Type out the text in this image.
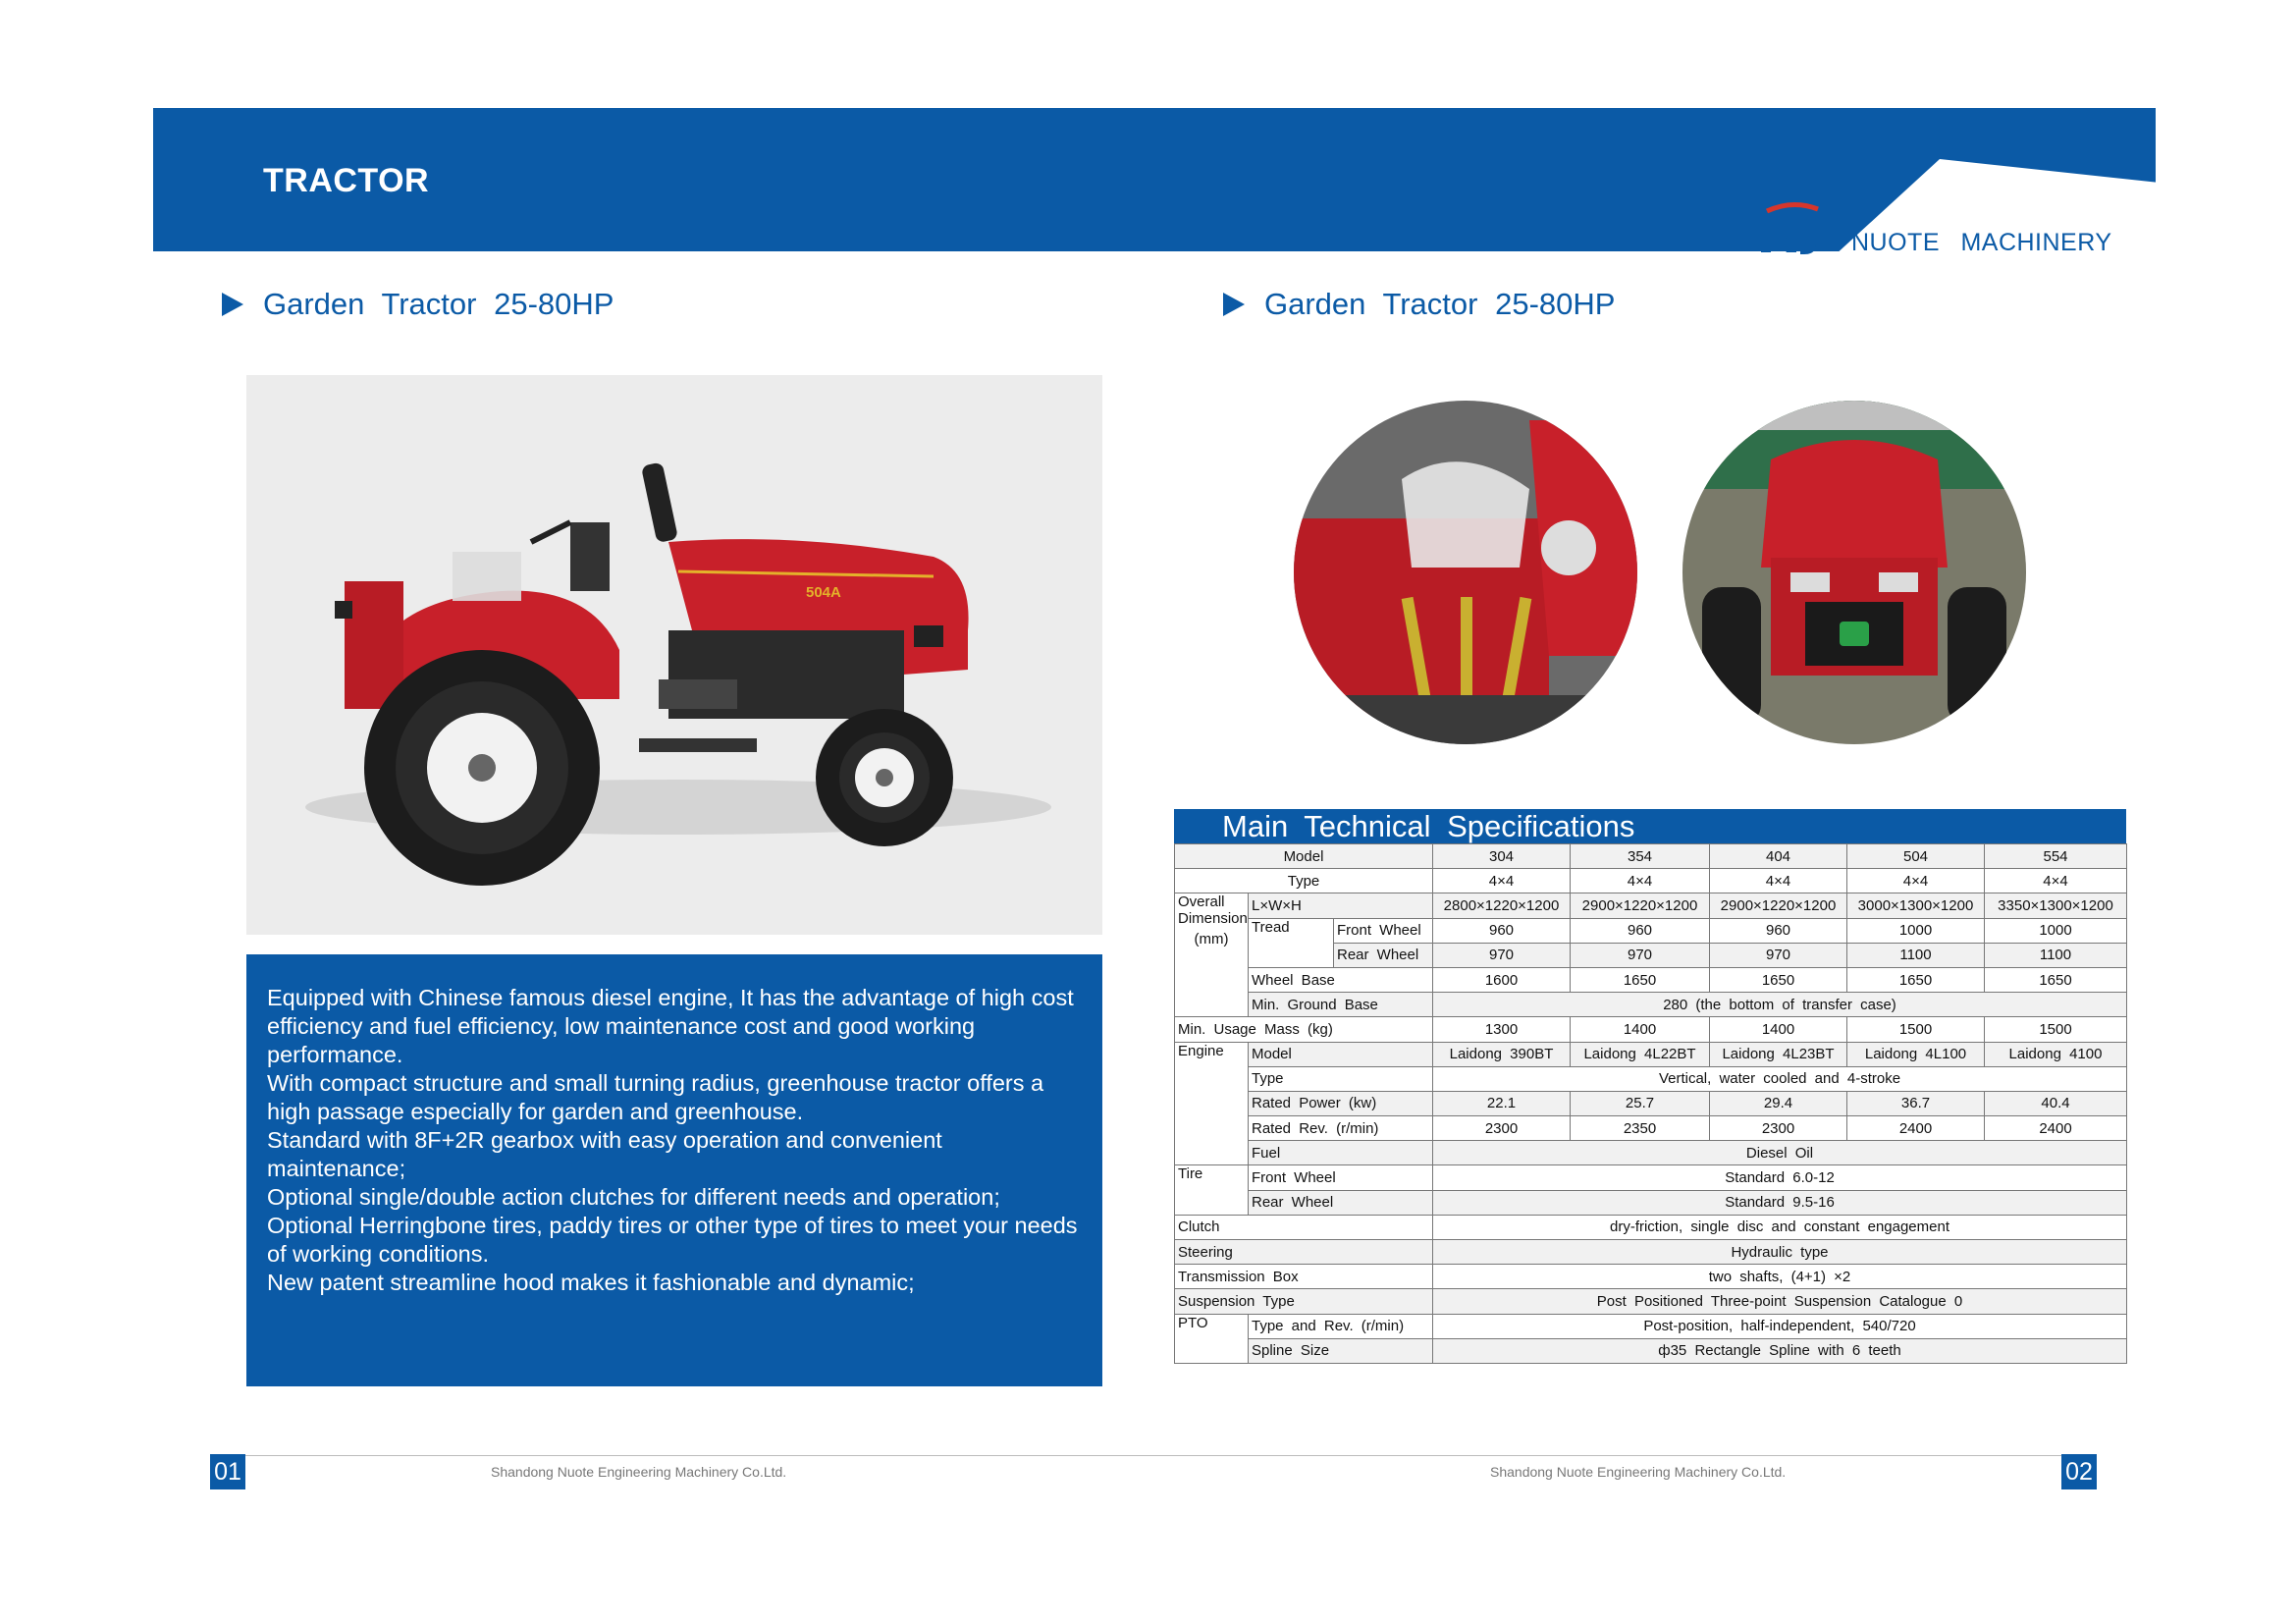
TRACTOR
NUOTE MACHINERY
Garden Tractor 25-80HP
504A
Equipped with Chinese famous diesel engine, It has the advantage of high cost efficiency and fuel efficiency, low maintenance cost and good working performance.
With compact structure and small turning radius, greenhouse tractor offers a high passage especially for garden and greenhouse.
Standard with 8F+2R gearbox with easy operation and convenient maintenance;
Optional single/double action clutches for different needs and operation;
Optional Herringbone tires, paddy tires or other type of tires to meet your needs of working conditions.
New patent streamline hood makes it fashionable and dynamic;
Garden Tractor 25-80HP
Main Technical Specifications
Model			304	354	404	504	554
Type			4×4	4×4	4×4	4×4	4×4

Overall
Dimension
(mm)	L×W×H		2800×1220×1200	2900×1220×1200	2900×1220×1200	3000×1300×1200	3350×1300×1200
	Tread	Front Wheel	960	960	960	1000	1000
		Rear Wheel	970	970	970	1100	1100
	Wheel Base		1600	1650	1650	1650	1650
	Min. Ground Base		280 (the bottom of transfer case)				
Min. Usage Mass (kg)			1300	1400	1400	1500	1500
Engine	Model		Laidong 390BT	Laidong 4L22BT	Laidong 4L23BT	Laidong 4L100	Laidong 4100
	Type		Vertical, water cooled and 4-stroke				
	Rated Power (kw)		22.1	25.7	29.4	36.7	40.4
	Rated Rev. (r/min)		2300	2350	2300	2400	2400
	Fuel		Diesel Oil				
Tire	Front Wheel		Standard 6.0-12				
	Rear Wheel		Standard 9.5-16				
Clutch			dry-friction, single disc and constant engagement				
Steering			Hydraulic type				
Transmission Box			two shafts, (4+1) ×2				
Suspension Type			Post Positioned Three-point Suspension Catalogue 0				
PTO	Type and Rev. (r/min)		Post-position, half-independent, 540/720				
	Spline Size		ф35 Rectangle Spline with 6 teeth				
01	02
Shandong Nuote Engineering Machinery Co.Ltd.	Shandong Nuote Engineering Machinery Co.Ltd.
